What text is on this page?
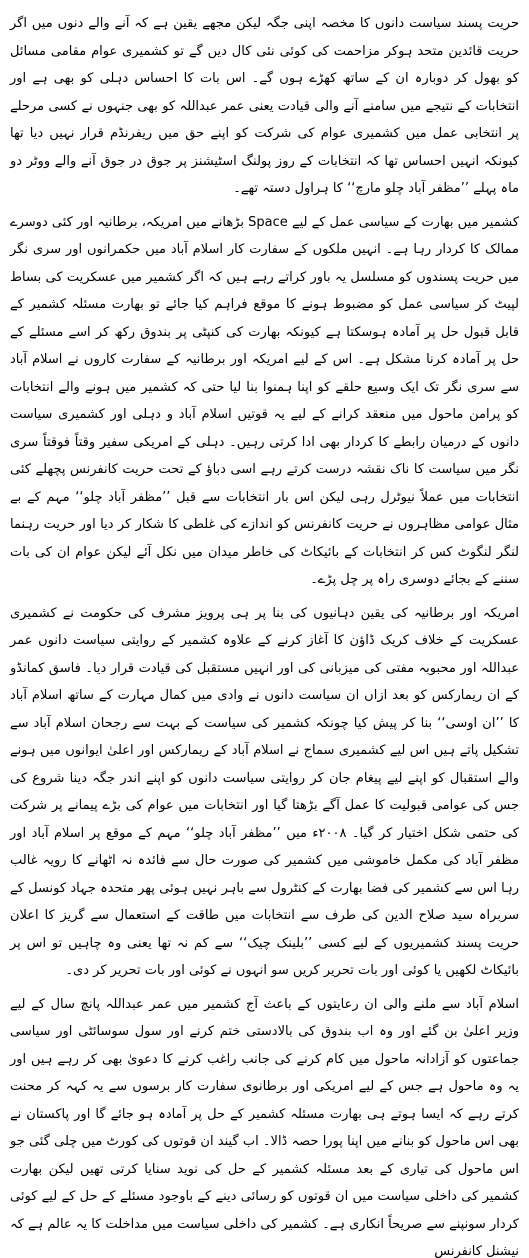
حریت پسند سیاست دانوں کا مخصہ اپنی جگہ لیکن مجھے یقین ہے کہ آنے والے دنوں میں اگر حریت قائدین متحد ہوکر مزاحمت کی کوئی نئی کال دیں گے تو کشمیری عوام مقامی مسائل کو بھول کر دوبارہ ان کے ساتھ کھڑے ہوں گے۔ اس بات کا احساس دہلی کو بھی ہے اور انتخابات کے نتیجے میں سامنے آنے والی قیادت یعنی عمر عبداللہ کو بھی جنہوں نے کسی مرحلے پر انتخابی عمل میں کشمیری عوام کی شرکت کو اپنے حق میں ریفرنڈم قرار نہیں دیا تھا کیونکہ انہیں احساس تھا کہ انتخابات کے روز پولنگ اسٹیشنز پر جوق در جوق آنے والے ووٹر دو ماہ پہلے ’’مظفر آباد چلو مارچ‘‘ کا ہراول دستہ تھے۔

کشمیر میں بھارت کے سیاسی عمل کے لیے Space بڑھانے میں امریکہ، برطانیہ اور کئی دوسرے ممالک کا کردار رہا ہے۔ انہیں ملکوں کے سفارت کار اسلام آباد میں حکمرانوں اور سری نگر میں حریت پسندوں کو مسلسل یہ باور کراتے رہے ہیں کہ اگر کشمیر میں عسکریت کی بساط لپیٹ کر سیاسی عمل کو مضبوط ہونے کا موقع فراہم کیا جائے تو بھارت مسئلہ کشمیر کے قابل قبول حل پر آمادہ ہوسکتا ہے کیونکہ بھارت کی کنپٹی پر بندوق رکھ کر اسے مسئلے کے حل پر آمادہ کرنا مشکل ہے۔ اس کے لیے امریکہ اور برطانیہ کے سفارت کاروں نے اسلام آباد سے سری نگر تک ایک وسیع حلقے کو اپنا ہمنوا بنا لیا حتی کہ کشمیر میں ہونے والے انتخابات کو پرامن ماحول میں منعقد کرانے کے لیے یہ قوتیں اسلام آباد و دہلی اور کشمیری سیاست دانوں کے درمیان رابطے کا کردار بھی ادا کرتی رہیں۔ دہلی کے امریکی سفیر وقتاً فوقتاً سری نگر میں سیاست کا ناک نقشہ درست کرتے رہے اسی دباؤ کے تحت حریت کانفرنس پچھلے کئی انتخابات میں عملاً نیوٹرل رہی لیکن اس بار انتخابات سے قبل ’’مظفر آباد چلو‘‘ مہم کے بے مثال عوامی مظاہروں نے حریت کانفرنس کو اندازے کی غلطی کا شکار کر دیا اور حریت رہنما لنگر لنگوٹ کس کر انتخابات کے بائیکاٹ کی خاطر میدان میں نکل آئے لیکن عوام ان کی بات سننے کے بجائے دوسری راہ پر چل پڑے۔

امریکہ اور برطانیہ کی یقین دہانیوں کی بنا پر ہی پرویز مشرف کی حکومت نے کشمیری عسکریت کے خلاف کریک ڈاؤن کا آغاز کرنے کے علاوہ کشمیر کے روایتی سیاست دانوں عمر عبداللہ اور محبوبہ مفتی کی میزبانی کی اور انہیں مستقبل کی قیادت قرار دیا۔ فاسق کمانڈو کے ان ریمارکس کو بعد ازاں ان سیاست دانوں نے وادی میں کمال مہارت کے ساتھ اسلام آباد کا ’’ان اوسی‘‘ بنا کر پیش کیا چونکہ کشمیر کی سیاست کے بہت سے رجحان اسلام آباد سے تشکیل پاتے ہیں اس لیے کشمیری سماج نے اسلام آباد کے ریمارکس اور اعلیٰ ایوانوں میں ہونے والے استقبال کو اپنے لیے پیغام جان کر روایتی سیاست دانوں کو اپنے اندر جگہ دینا شروع کی جس کی عوامی قبولیت کا عمل آگے بڑھتا گیا اور انتخابات میں عوام کی بڑے پیمانے پر شرکت کی حتمی شکل اختیار کر گیا۔ ۲۰۰۸ء میں ’’مظفر آباد چلو‘‘ مہم کے موقع پر اسلام آباد اور مظفر آباد کی مکمل خاموشی میں کشمیر کی صورت حال سے فائدہ نہ اٹھانے کا رویہ غالب رہا اس سے کشمیر کی فضا بھارت کے کنٹرول سے باہر نہیں ہوئی پھر متحدہ جہاد کونسل کے سربراہ سید صلاح الدین کی طرف سے انتخابات میں طاقت کے استعمال سے گریز کا اعلان حریت پسند کشمیریوں کے لیے کسی ’’بلینک چیک‘‘ سے کم نہ تھا یعنی وہ چاہیں تو اس پر بائیکاٹ لکھیں یا کوئی اور بات تحریر کریں سو انہوں نے کوئی اور بات تحریر کر دی۔

اسلام آباد سے ملنے والی ان رعایتوں کے باعث آج کشمیر میں عمر عبداللہ پانچ سال کے لیے وزیر اعلیٰ بن گئے اور وہ اب بندوق کی بالادستی ختم کرنے اور سول سوسائٹی اور سیاسی جماعتوں کو آزادانہ ماحول میں کام کرنے کی جانب راغب کرنے کا دعویٰ بھی کر رہے ہیں اور یہ وہ ماحول ہے جس کے لیے امریکی اور برطانوی سفارت کار برسوں سے یہ کہہ کر محنت کرتے رہے کہ ایسا ہوتے ہی بھارت مسئلہ کشمیر کے حل پر آمادہ ہو جائے گا اور پاکستان نے بھی اس ماحول کو بنانے میں اپنا پورا حصہ ڈالا۔ اب گیند ان قوتوں کی کورٹ میں چلی گئی جو اس ماحول کی تیاری کے بعد مسئلہ کشمیر کے حل کی نوید سنایا کرتی تھیں لیکن بھارت کشمیر کی داخلی سیاست میں ان قوتوں کو رسائی دینے کے باوجود مسئلے کے حل کے لیے کوئی کردار سونپنے سے صریحاً انکاری ہے۔ کشمیر کی داخلی سیاست میں مداخلت کا یہ عالم ہے کہ نیشنل کانفرنس
